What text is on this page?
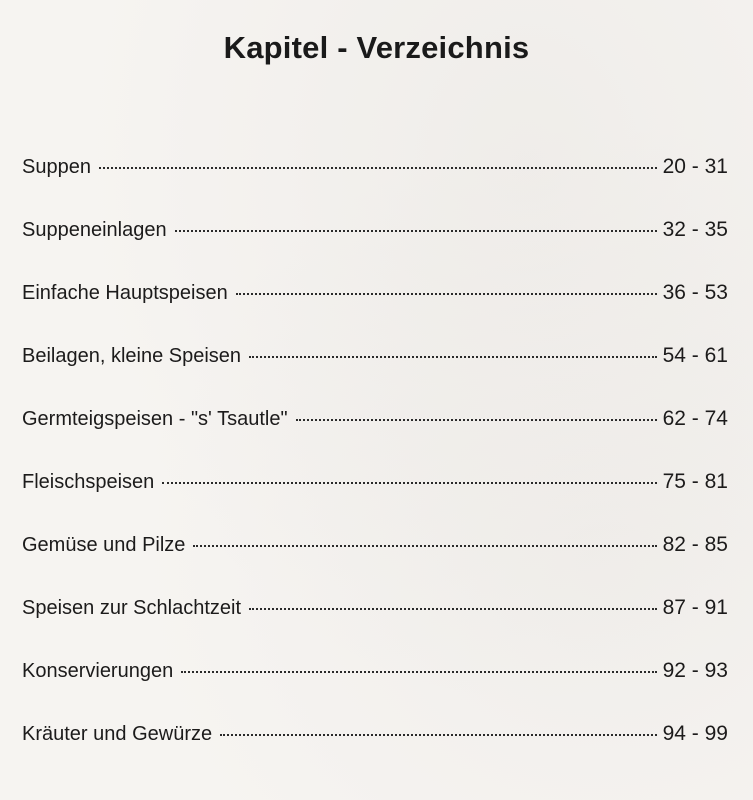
Kapitel - Verzeichnis
Suppen	20 - 31
Suppeneinlagen	32 - 35
Einfache Hauptspeisen	36 - 53
Beilagen, kleine Speisen	54 - 61
Germteigspeisen - "s' Tsautle"	62 - 74
Fleischspeisen	75 - 81
Gemüse und Pilze	82 - 85
Speisen zur Schlachtzeit	87 - 91
Konservierungen	92 - 93
Kräuter und Gewürze	94 - 99
